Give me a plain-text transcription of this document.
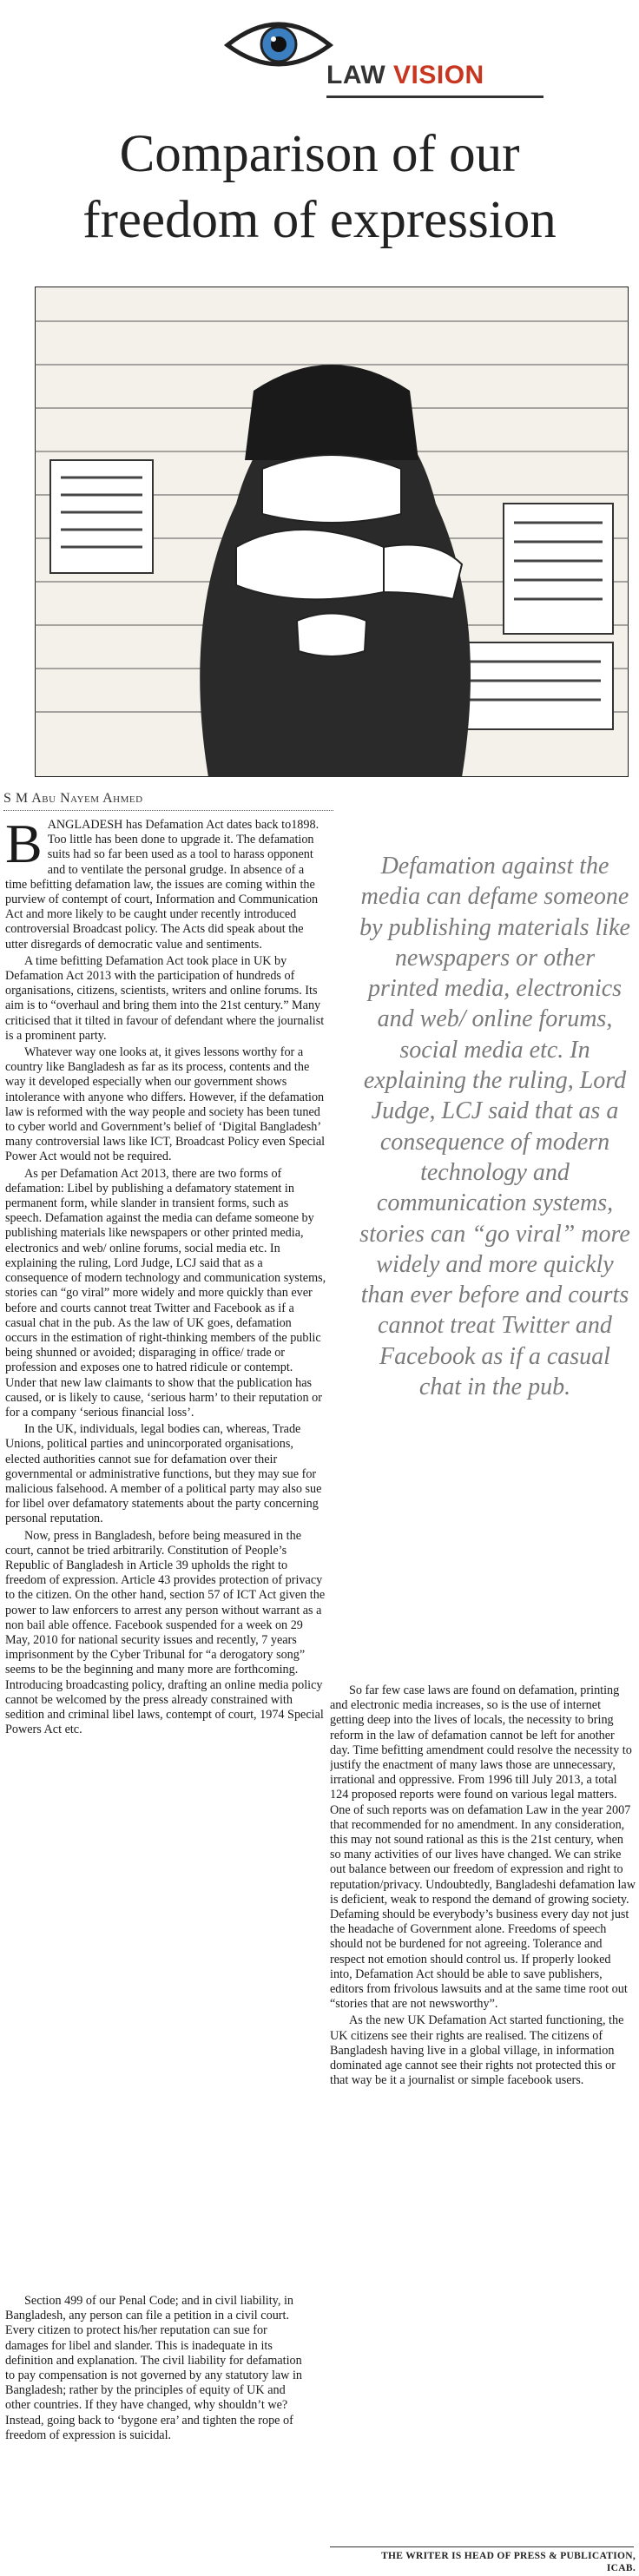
LAW VISION
Comparison of our
freedom of expression
S M Abu Nayem Ahmed

Defamation against the media can defame someone by publishing materials like newspapers or other printed media, electronics and web/ online forums, social media etc. In explaining the ruling, Lord Judge, LCJ said that as a consequence of modern technology and communication systems, stories can “go viral” more widely and more quickly than ever before and courts cannot treat Twitter and Facebook as if a casual chat in the pub.

BANGLADESH has Defamation Act dates back to1898. Too little has been done to upgrade it. The defamation suits had so far been used as a tool to harass opponent and to ventilate the personal grudge. In absence of a time befitting defamation law, the issues are coming within the purview of contempt of court, Information and Communication Act and more likely to be caught under recently introduced controversial Broadcast policy. The Acts did speak about the utter disregards of democratic value and sentiments.

A time befitting Defamation Act took place in UK by Defamation Act 2013 with the participation of hundreds of organisations, citizens, scientists, writers and online forums. Its aim is to “overhaul and bring them into the 21st century.” Many criticised that it tilted in favour of defendant where the journalist is a prominent party.

Whatever way one looks at, it gives lessons worthy for a country like Bangladesh as far as its process, contents and the way it developed especially when our government shows intolerance with anyone who differs. However, if the defamation law is reformed with the way people and society has been tuned to cyber world and Government’s belief of ‘Digital Bangladesh’ many controversial laws like ICT, Broadcast Policy even Special Power Act would not be required.

As per Defamation Act 2013, there are two forms of defamation: Libel by publishing a defamatory statement in permanent form, while slander in transient forms, such as speech. Defamation against the media can defame someone by publishing materials like newspapers or other printed media, electronics and web/ online forums, social media etc. In explaining the ruling, Lord Judge, LCJ said that as a consequence of modern technology and communication systems, stories can “go viral” more widely and more quickly than ever before and courts cannot treat Twitter and Facebook as if a casual chat in the pub. As the law of UK goes, defamation occurs in the estimation of right-thinking members of the public being shunned or avoided; disparaging in office/ trade or profession and exposes one to hatred ridicule or contempt. Under that new law claimants to show that the publication has caused, or is likely to cause, ‘serious harm’ to their reputation or for a company ‘serious financial loss’.

In the UK, individuals, legal bodies can, whereas, Trade Unions, political parties and unincorporated organisations, elected authorities cannot sue for defamation over their governmental or administrative functions, but they may sue for malicious falsehood. A member of a political party may also sue for libel over defamatory statements about the party concerning personal reputation.

Now, press in Bangladesh, before being measured in the court, cannot be tried arbitrarily. Constitution of People’s Republic of Bangladesh in Article 39 upholds the right to freedom of expression. Article 43 provides protection of privacy to the citizen. On the other hand, section 57 of ICT Act given the power to law enforcers to arrest any person without warrant as a non bail able offence. Facebook suspended for a week on 29 May, 2010 for national security issues and recently, 7 years imprisonment by the Cyber Tribunal for “a derogatory song” seems to be the beginning and many more are forthcoming. Introducing broadcasting policy, drafting an online media policy cannot be welcomed by the press already constrained with sedition and criminal libel laws, contempt of court, 1974 Special Powers Act etc.

Section 499 of our Penal Code; and in civil liability, in Bangladesh, any person can file a petition in a civil court. Every citizen to protect his/her reputation can sue for damages for libel and slander. This is inadequate in its definition and explanation. The civil liability for defamation to pay compensation is not governed by any statutory law in Bangladesh; rather by the principles of equity of UK and other countries. If they have changed, why shouldn’t we? Instead, going back to ‘bygone era’ and tighten the rope of freedom of expression is suicidal.

So far few case laws are found on defamation, printing and electronic media increases, so is the use of internet getting deep into the lives of locals, the necessity to bring reform in the law of defamation cannot be left for another day. Time befitting amendment could resolve the necessity to justify the enactment of many laws those are unnecessary, irrational and oppressive. From 1996 till July 2013, a total 124 proposed reports were found on various legal matters. One of such reports was on defamation Law in the year 2007 that recommended for no amendment. In any consideration, this may not sound rational as this is the 21st century, when so many activities of our lives have changed. We can strike out balance between our freedom of expression and right to reputation/privacy. Undoubtedly, Bangladeshi defamation law is deficient, weak to respond the demand of growing society. Defaming should be everybody’s business every day not just the headache of Government alone. Freedoms of speech should not be burdened for not agreeing. Tolerance and respect not emotion should control us. If properly looked into, Defamation Act should be able to save publishers, editors from frivolous lawsuits and at the same time root out “stories that are not newsworthy”.

As the new UK Defamation Act started functioning, the UK citizens see their rights are realised. The citizens of Bangladesh having live in a global village, in information dominated age cannot see their rights not protected this or that way be it a journalist or simple facebook users.

THE WRITER IS HEAD OF PRESS & PUBLICATION,
ICAB.
